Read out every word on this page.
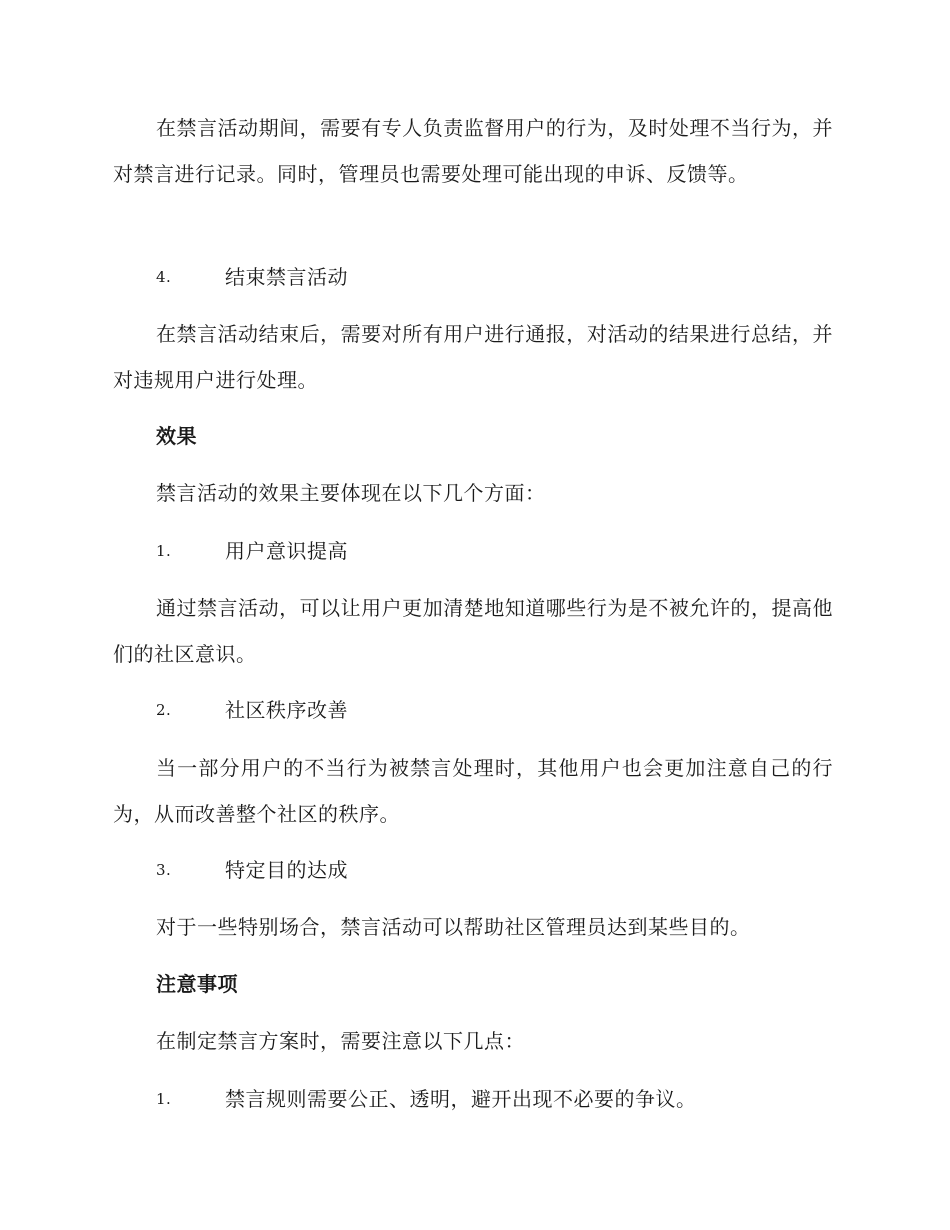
在禁言活动期间，需要有专人负责监督用户的行为，及时处理不当行为，并对禁言进行记录。同时，管理员也需要处理可能出现的申诉、反馈等。

4.	结束禁言活动

在禁言活动结束后，需要对所有用户进行通报，对活动的结果进行总结，并对违规用户进行处理。

效果

禁言活动的效果主要体现在以下几个方面：

1.	用户意识提高

通过禁言活动，可以让用户更加清楚地知道哪些行为是不被允许的，提高他们的社区意识。

2.	社区秩序改善

当一部分用户的不当行为被禁言处理时，其他用户也会更加注意自己的行为，从而改善整个社区的秩序。

3.	特定目的达成

对于一些特别场合，禁言活动可以帮助社区管理员达到某些目的。

注意事项

在制定禁言方案时，需要注意以下几点：

1.	禁言规则需要公正、透明，避开出现不必要的争议。
